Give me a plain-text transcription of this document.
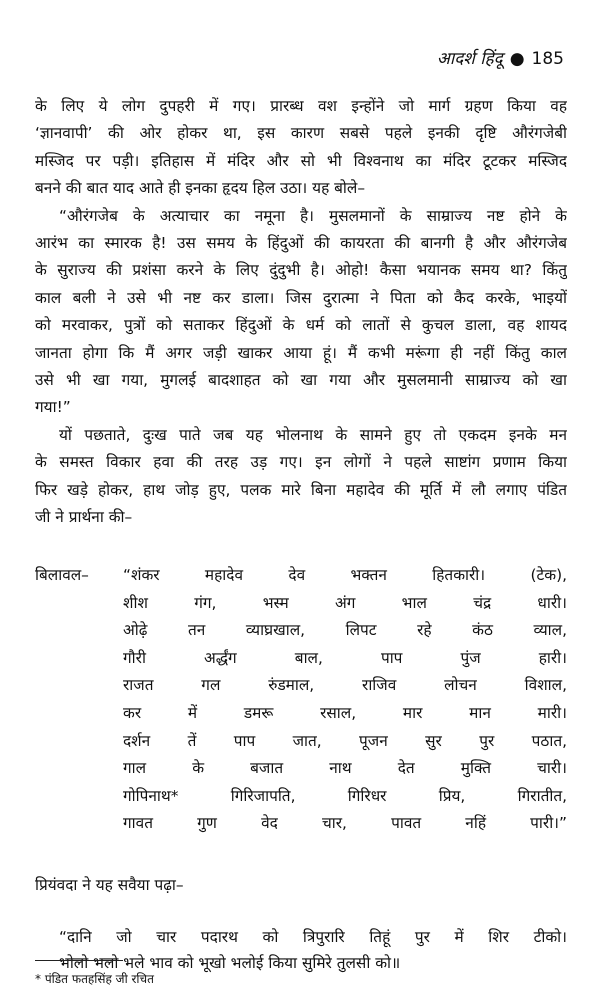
आदर्श हिंदू ● 185
के लिए ये लोग दुपहरी में गए। प्रारब्ध वश इन्होंने जो मार्ग ग्रहण किया वह
‘ज्ञानवापी’ की ओर होकर था, इस कारण सबसे पहले इनकी दृष्टि औरंगजेबी
मस्जिद पर पड़ी। इतिहास में मंदिर और सो भी विश्वनाथ का मंदिर टूटकर मस्जिद
बनने की बात याद आते ही इनका हृदय हिल उठा। यह बोले–
“औरंगजेब के अत्याचार का नमूना है। मुसलमानों के साम्राज्य नष्ट होने के
आरंभ का स्मारक है! उस समय के हिंदुओं की कायरता की बानगी है और औरंगजेब
के सुराज्य की प्रशंसा करने के लिए दुंदुभी है। ओहो! कैसा भयानक समय था? किंतु
काल बली ने उसे भी नष्ट कर डाला। जिस दुरात्मा ने पिता को कैद करके, भाइयों
को मरवाकर, पुत्रों को सताकर हिंदुओं के धर्म को लातों से कुचल डाला, वह शायद
जानता होगा कि मैं अगर जड़ी खाकर आया हूं। मैं कभी मरूंगा ही नहीं किंतु काल
उसे भी खा गया, मुगलई बादशाहत को खा गया और मुसलमानी साम्राज्य को खा
गया!”
यों पछताते, दुःख पाते जब यह भोलनाथ के सामने हुए तो एकदम इनके मन
के समस्त विकार हवा की तरह उड़ गए। इन लोगों ने पहले साष्टांग प्रणाम किया
फिर खड़े होकर, हाथ जोड़ हुए, पलक मारे बिना महादेव की मूर्ति में लौ लगाए पंडित
जी ने प्रार्थना की–
बिलावल–	“शंकर महादेव देव भक्तन हितकारी। (टेक),
शीश गंग, भस्म अंग भाल चंद्र धारी।
ओढ़े तन व्याघ्रखाल, लिपट रहे कंठ व्याल,
गौरी अर्द्धंग बाल, पाप पुंज हारी।
राजत गल रुंडमाल, राजिव लोचन विशाल,
कर में डमरू रसाल, मार मान मारी।
दर्शन तें पाप जात, पूजन सुर पुर पठात,
गाल के बजात नाथ देत मुक्ति चारी।
गोपिनाथ* गिरिजापति, गिरिधर प्रिय, गिरातीत,
गावत गुण वेद चार, पावत नहिं पारी।”
प्रियंवदा ने यह सवैया पढ़ा–
“दानि जो चार पदारथ को त्रिपुरारि तिहूं पुर में शिर टीको।
भोलो भलो भले भाव को भूखो भलोई किया सुमिरे तुलसी को॥
* पंडित फतहसिंह जी रचित
